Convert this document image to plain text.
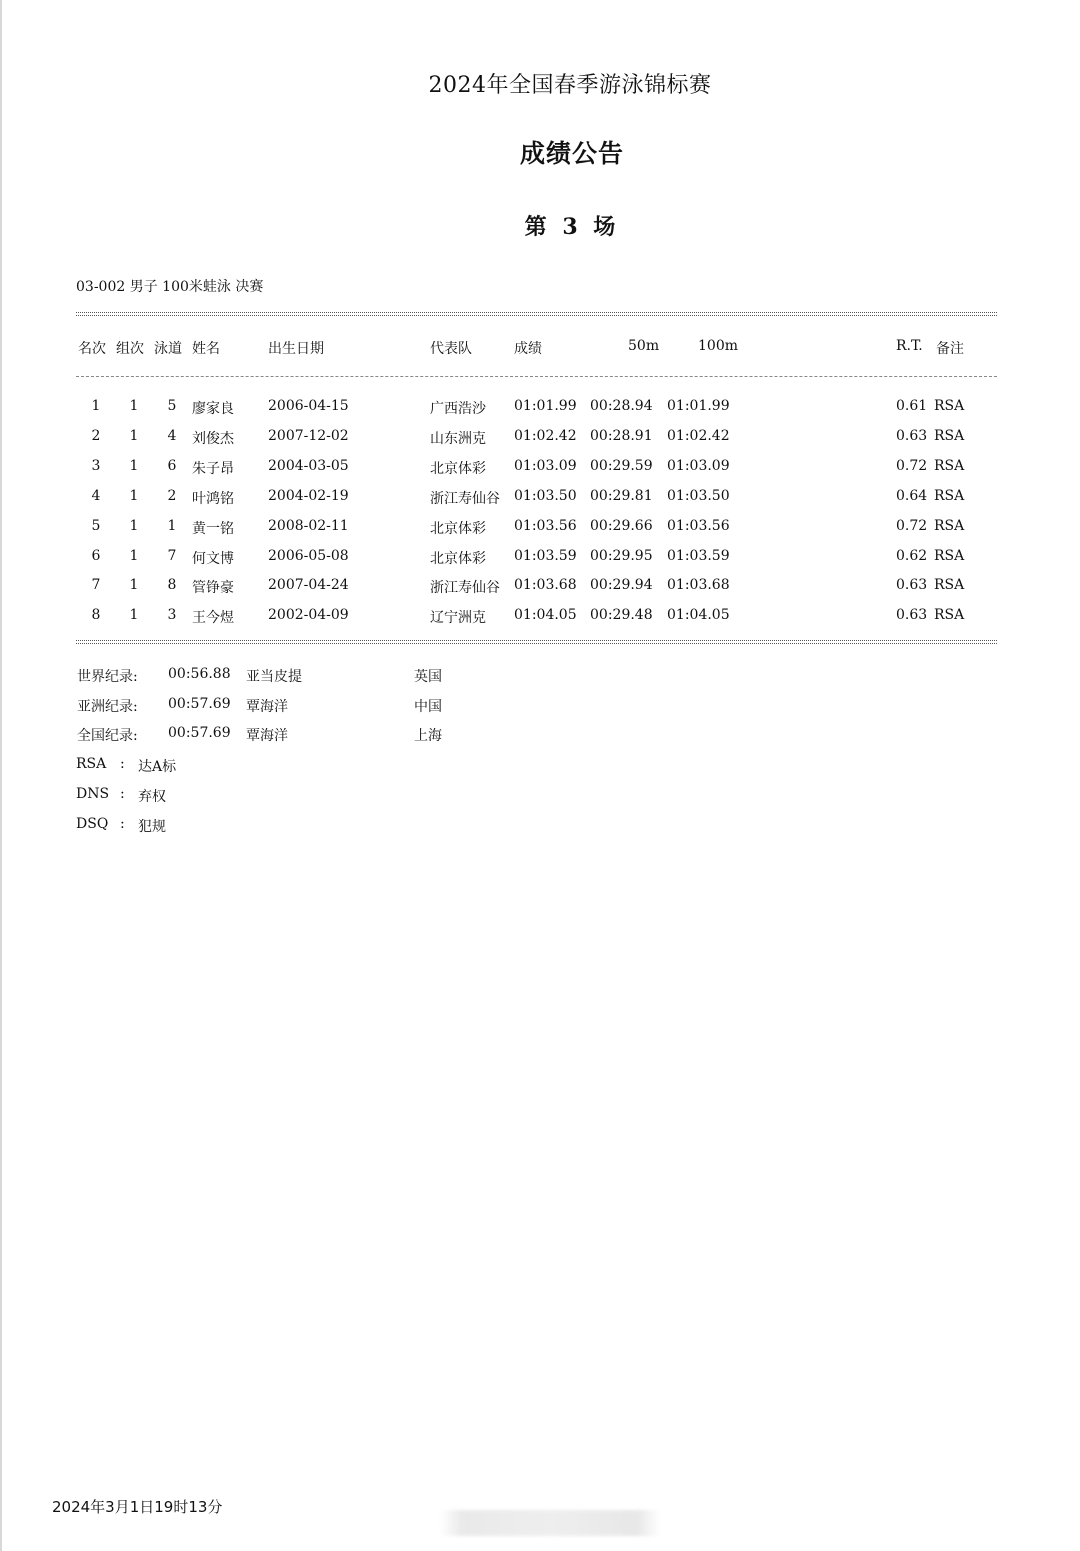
2024年全国春季游泳锦标赛
成绩公告
第 3 场
03-002 男子 100米蛙泳 决赛
名次 组次 泳道 姓名	出生日期	代表队	成绩	50m	100m	R.T. 备注
1	1	5	廖家良 2006-04-15	广西浩沙 01:01.99 00:28.94 01:01.99	0.61 RSA
2	1	4	刘俊杰 2007-12-02	山东洲克 01:02.42 00:28.91 01:02.42	0.63 RSA
3	1	6	朱子昂 2004-03-05	北京体彩 01:03.09 00:29.59 01:03.09	0.72 RSA
4	1	2	叶鸿铭 2004-02-19	浙江寿仙谷 01:03.50 00:29.81 01:03.50	0.64 RSA
5	1	1	黄一铭 2008-02-11	北京体彩 01:03.56 00:29.66 01:03.56	0.72 RSA
6	1	7	何文博 2006-05-08	北京体彩 01:03.59 00:29.95 01:03.59	0.62 RSA
7	1	8	管铮豪 2007-04-24	浙江寿仙谷 01:03.68 00:29.94 01:03.68	0.63 RSA
8	1	3	王今煜 2002-04-09	辽宁洲克 01:04.05 00:29.48 01:04.05	0.63 RSA
世界纪录: 00:56.88 亚当皮提	英国
亚洲纪录: 00:57.69 覃海洋	中国
全国纪录: 00:57.69 覃海洋	上海
RSA : 达A标
DNS : 弃权
DSQ : 犯规
2024年3月1日19时13分
